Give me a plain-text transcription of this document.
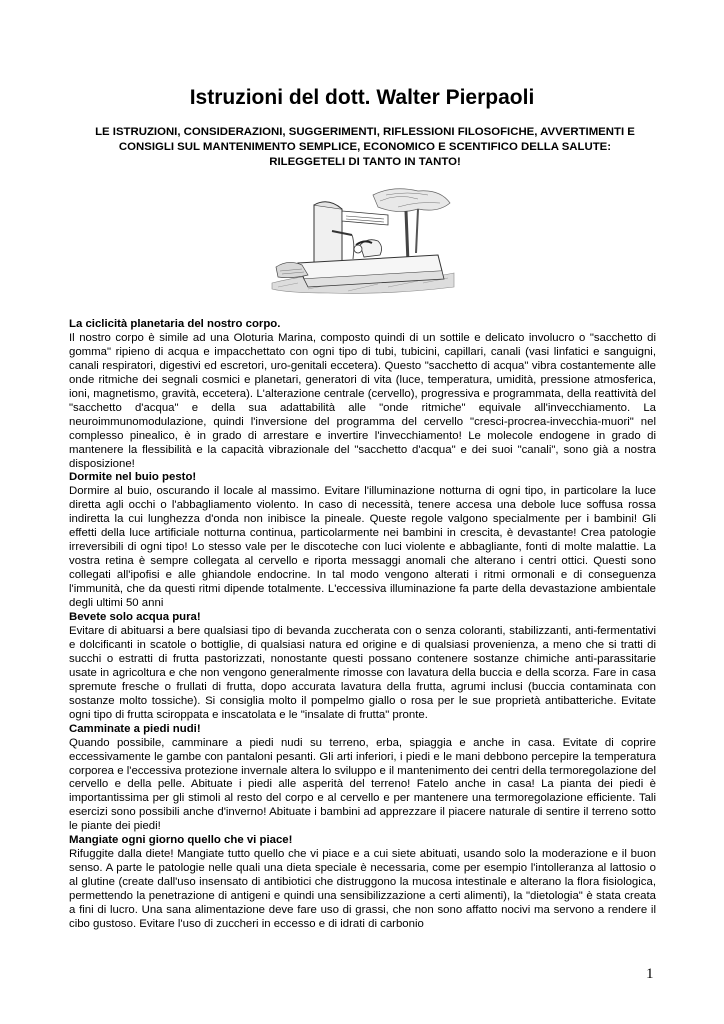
Istruzioni del dott. Walter Pierpaoli

LE ISTRUZIONI, CONSIDERAZIONI, SUGGERIMENTI, RIFLESSIONI FILOSOFICHE, AVVERTIMENTI E CONSIGLI SUL MANTENIMENTO SEMPLICE, ECONOMICO E SCENTIFICO DELLA SALUTE: RILEGGETELI DI TANTO IN TANTO!

La ciclicità planetaria del nostro corpo.

Il nostro corpo è simile ad una Oloturia Marina, composto quindi di un sottile e delicato involucro o "sacchetto di gomma" ripieno di acqua e impacchettato con ogni tipo di tubi, tubicini, capillari, canali (vasi linfatici e sanguigni, canali respiratori, digestivi ed escretori, uro-genitali eccetera). Questo "sacchetto di acqua" vibra costantemente alle onde ritmiche dei segnali cosmici e planetari, generatori di vita (luce, temperatura, umidità, pressione atmosferica, ioni, magnetismo, gravità, eccetera). L'alterazione centrale (cervello), progressiva e programmata, della reattività del "sacchetto d'acqua" e della sua adattabilità alle "onde ritmiche" equivale all'invecchiamento. La neuroimmunomodulazione, quindi l'inversione del programma del cervello "cresci-procrea-invecchia-muori" nel complesso pinealico, è in grado di arrestare e invertire l'invecchiamento! Le molecole endogene in grado di mantenere la flessibilità e la capacità vibrazionale del "sacchetto d'acqua" e dei suoi "canali", sono già a nostra disposizione!

Dormite nel buio pesto!

Dormire al buio, oscurando il locale al massimo. Evitare l'illuminazione notturna di ogni tipo, in particolare la luce diretta agli occhi o l'abbagliamento violento. In caso di necessità, tenere accesa una debole luce soffusa rossa indiretta la cui lunghezza d'onda non inibisce la pineale. Queste regole valgono specialmente per i bambini! Gli effetti della luce artificiale notturna continua, particolarmente nei bambini in crescita, è devastante! Crea patologie irreversibili di ogni tipo! Lo stesso vale per le discoteche con luci violente e abbagliante, fonti di molte malattie. La vostra retina è sempre collegata al cervello e riporta messaggi anomali che alterano i centri ottici. Questi sono collegati all'ipofisi e alle ghiandole endocrine. In tal modo vengono alterati i ritmi ormonali e di conseguenza l'immunità, che da questi ritmi dipende totalmente. L'eccessiva illuminazione fa parte della devastazione ambientale degli ultimi 50 anni

Bevete solo acqua pura!

Evitare di abituarsi a bere qualsiasi tipo di bevanda zuccherata con o senza coloranti, stabilizzanti, anti-fermentativi e dolcificanti in scatole o bottiglie, di qualsiasi natura ed origine e di qualsiasi provenienza, a meno che si tratti di succhi o estratti di frutta pastorizzati, nonostante questi possano contenere sostanze chimiche anti-parassitarie usate in agricoltura e che non vengono generalmente rimosse con lavatura della buccia e della scorza. Fare in casa spremute fresche o frullati di frutta, dopo accurata lavatura della frutta, agrumi inclusi (buccia contaminata con sostanze molto tossiche). Si consiglia molto il pompelmo giallo o rosa per le sue proprietà antibatteriche. Evitate ogni tipo di frutta sciroppata e inscatolata e le "insalate di frutta" pronte.

Camminate a piedi nudi!

Quando possibile, camminare a piedi nudi su terreno, erba, spiaggia e anche in casa. Evitate di coprire eccessivamente le gambe con pantaloni pesanti. Gli arti inferiori, i piedi e le mani debbono percepire la temperatura corporea e l'eccessiva protezione invernale altera lo sviluppo e il mantenimento dei centri della termoregolazione del cervello e della pelle. Abituate i piedi alle asperità del terreno! Fatelo anche in casa! La pianta dei piedi è importantissima per gli stimoli al resto del corpo e al cervello e per mantenere una termoregolazione efficiente. Tali esercizi sono possibili anche d'inverno! Abituate i bambini ad apprezzare il piacere naturale di sentire il terreno sotto le piante dei piedi!

Mangiate ogni giorno quello che vi piace!

Rifuggite dalla diete! Mangiate tutto quello che vi piace e a cui siete abituati, usando solo la moderazione e il buon senso. A parte le patologie nelle quali una dieta speciale è necessaria, come per esempio l'intolleranza al lattosio o al glutine (create dall'uso insensato di antibiotici che distruggono la mucosa intestinale e alterano la flora fisiologica, permettendo la penetrazione di antigeni e quindi una sensibilizzazione a certi alimenti), la "dietologia" è stata creata a fini di lucro. Una sana alimentazione deve fare uso di grassi, che non sono affatto nocivi ma servono a rendere il cibo gustoso. Evitare l'uso di zuccheri in eccesso e di idrati di carbonio

1
